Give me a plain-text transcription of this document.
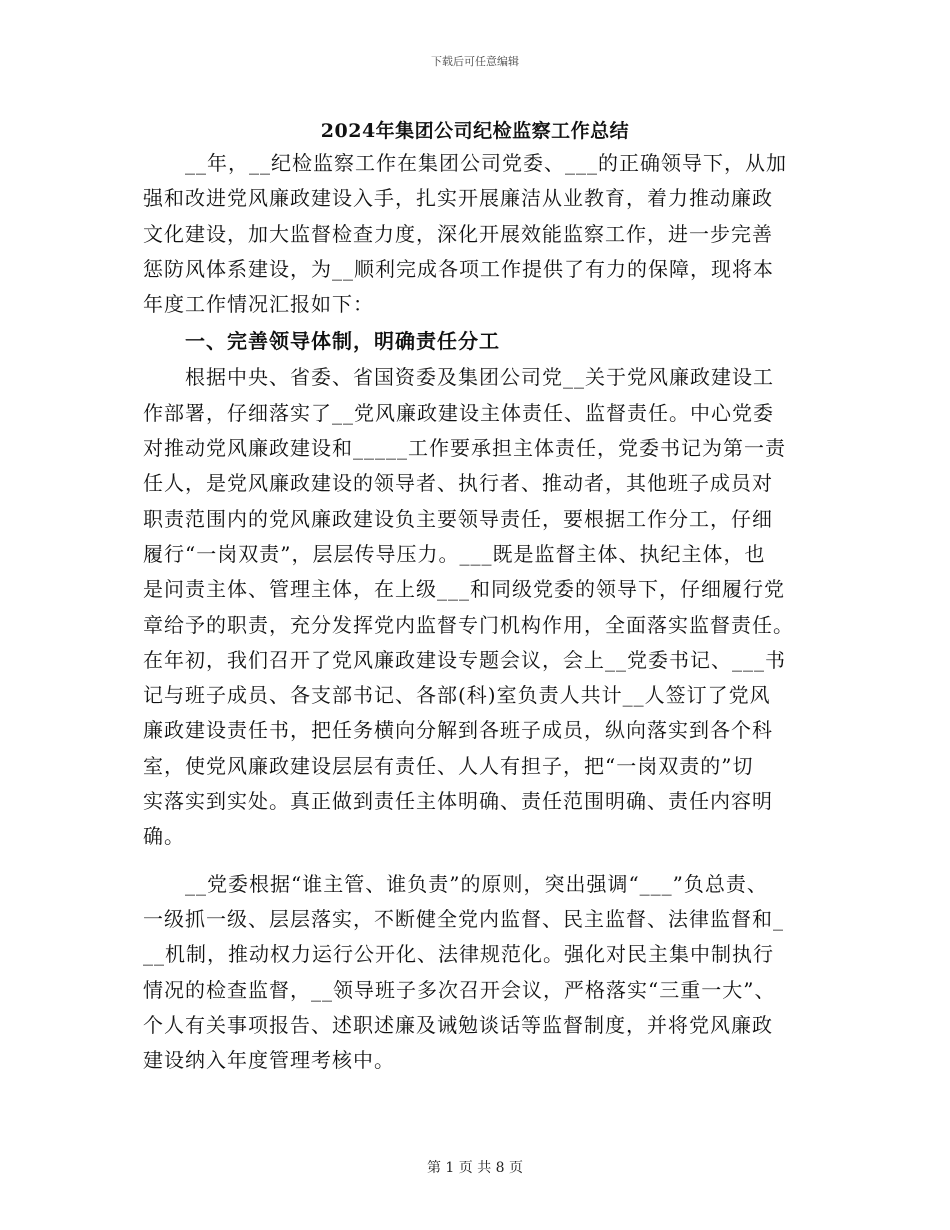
下载后可任意编辑
2024年集团公司纪检监察工作总结
　　__年，__纪检监察工作在集团公司党委、___的正确领导下，从加
强和改进党风廉政建设入手，扎实开展廉洁从业教育，着力推动廉政
文化建设，加大监督检查力度，深化开展效能监察工作，进一步完善
惩防风体系建设，为__顺利完成各项工作提供了有力的保障，现将本
年度工作情况汇报如下：
　　一、完善领导体制，明确责任分工
　　根据中央、省委、省国资委及集团公司党__关于党风廉政建设工
作部署，仔细落实了__党风廉政建设主体责任、监督责任。中心党委
对推动党风廉政建设和_____工作要承担主体责任，党委书记为第一责
任人，是党风廉政建设的领导者、执行者、推动者，其他班子成员对
职责范围内的党风廉政建设负主要领导责任，要根据工作分工，仔细
履行“一岗双责”，层层传导压力。___既是监督主体、执纪主体，也
是问责主体、管理主体，在上级___和同级党委的领导下，仔细履行党
章给予的职责，充分发挥党内监督专门机构作用，全面落实监督责任。
在年初，我们召开了党风廉政建设专题会议，会上__党委书记、___书
记与班子成员、各支部书记、各部(科)室负责人共计__人签订了党风
廉政建设责任书，把任务横向分解到各班子成员，纵向落实到各个科
室，使党风廉政建设层层有责任、人人有担子，把“一岗双责的”切
实落实到实处。真正做到责任主体明确、责任范围明确、责任内容明
确。
　　__党委根据“谁主管、谁负责”的原则，突出强调“___”负总责、
一级抓一级、层层落实，不断健全党内监督、民主监督、法律监督和_
__机制，推动权力运行公开化、法律规范化。强化对民主集中制执行
情况的检查监督，__领导班子多次召开会议，严格落实“三重一大”、
个人有关事项报告、述职述廉及诫勉谈话等监督制度，并将党风廉政
建设纳入年度管理考核中。
第 1 页 共 8 页
